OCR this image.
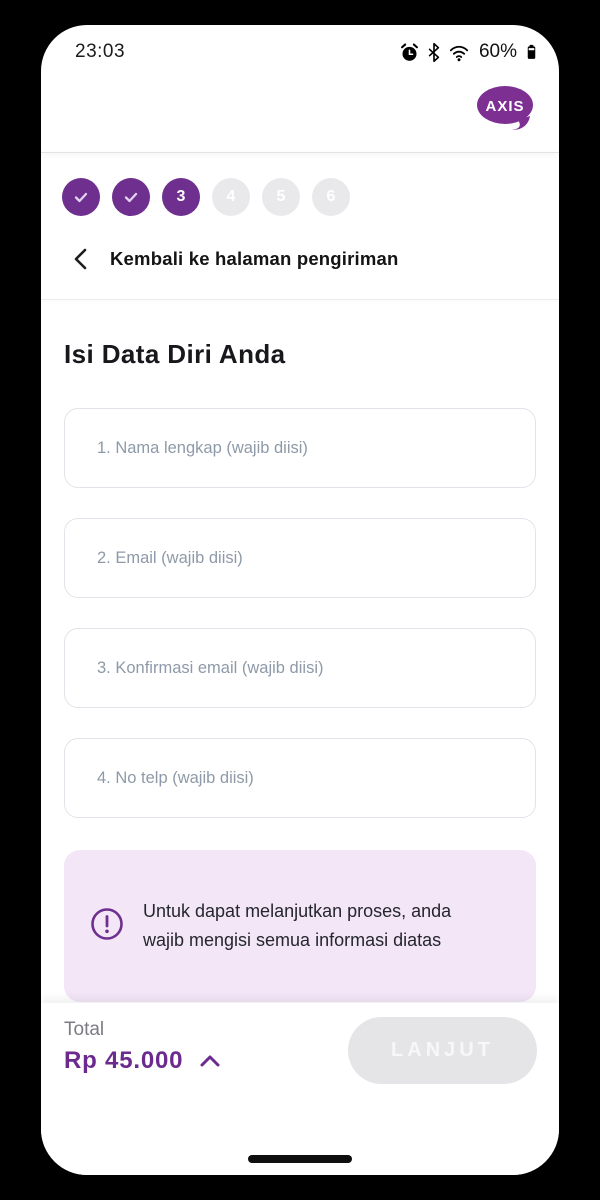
23:03	60%
AXIS
3	4	5	6
Kembali ke halaman pengiriman
Isi Data Diri Anda
1. Nama lengkap (wajib diisi)
2. Email (wajib diisi)
3. Konfirmasi email (wajib diisi)
4. No telp (wajib diisi)
Untuk dapat melanjutkan proses, anda wajib mengisi semua informasi diatas
Total
Rp 45.000	LANJUT
